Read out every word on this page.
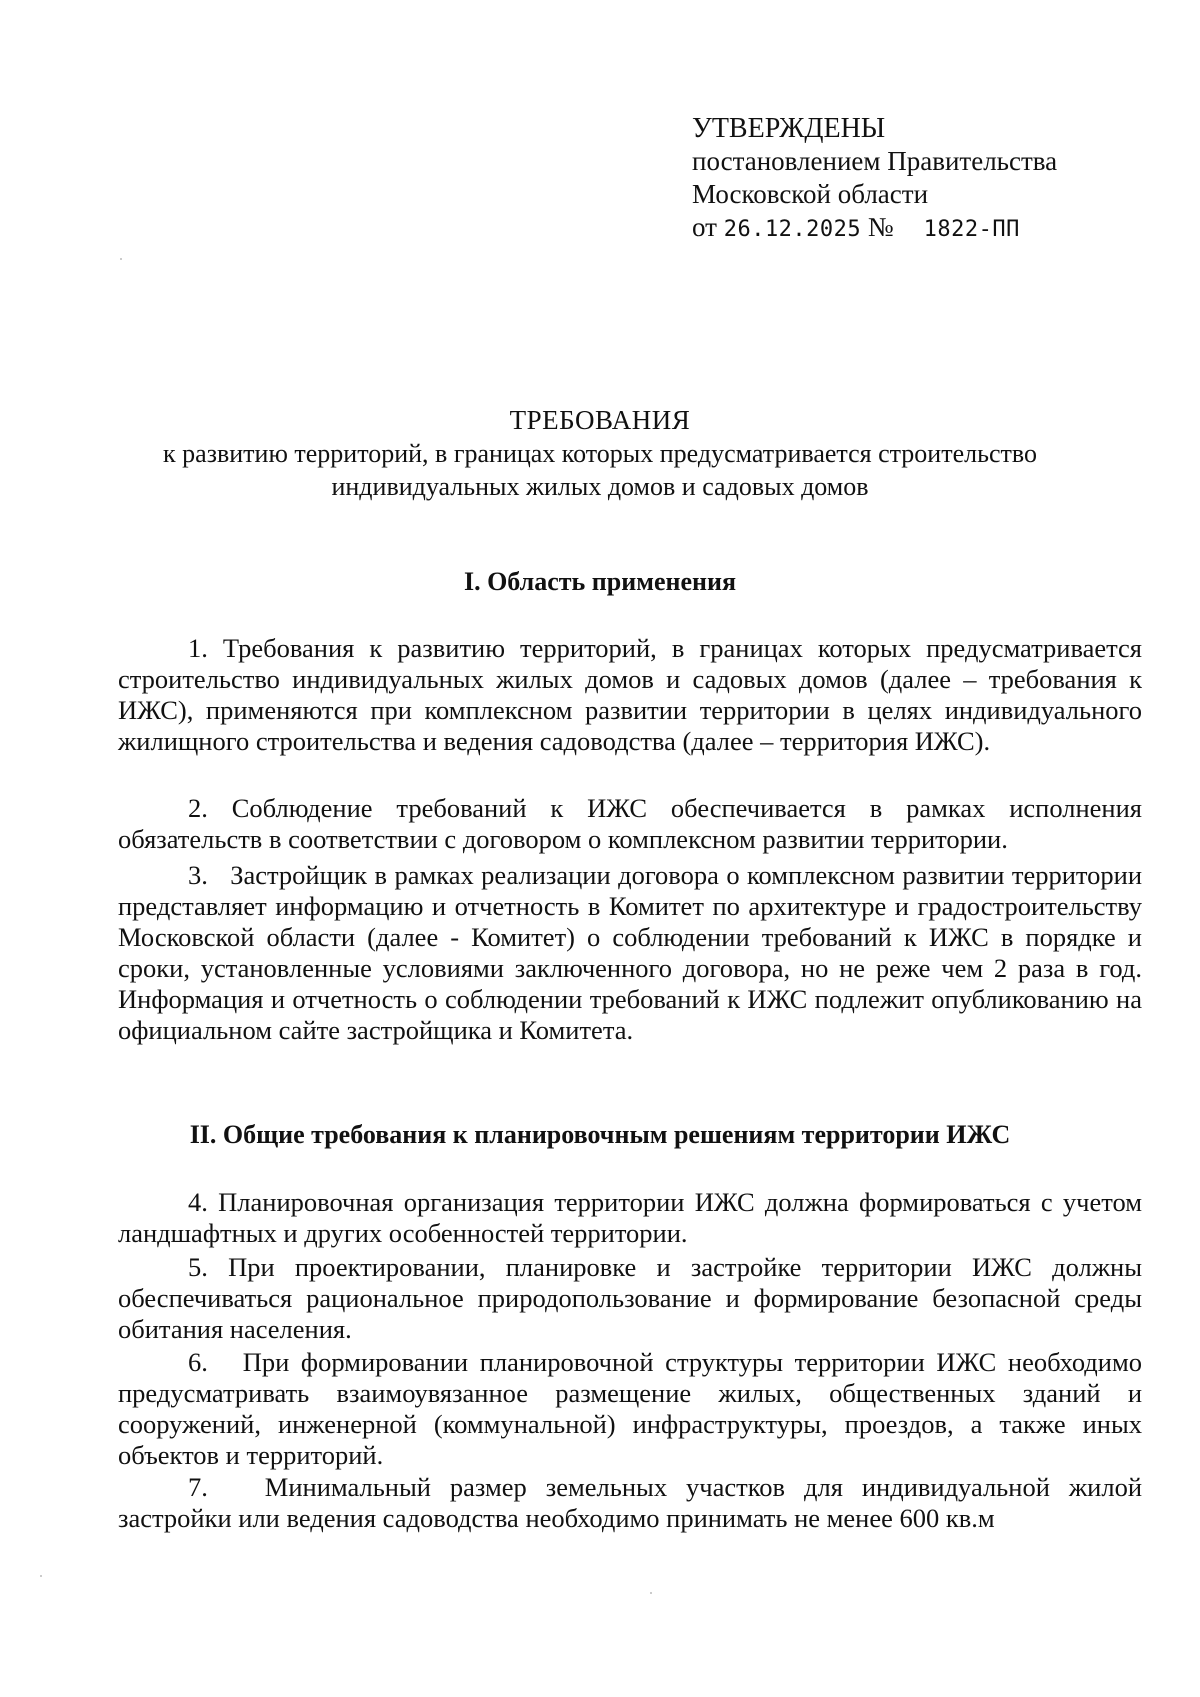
УТВЕРЖДЕНЫ
постановлением Правительства
Московской области
от 26.12.2025 № 1822-ПП
ТРЕБОВАНИЯ
к развитию территорий, в границах которых предусматривается строительство
индивидуальных жилых домов и садовых домов
I. Область применения
1. Требования к развитию территорий, в границах которых предусматривается строительство индивидуальных жилых домов и садовых домов (далее – требования к ИЖС), применяются при комплексном развитии территории в целях индивидуального жилищного строительства и ведения садоводства (далее – территория ИЖС).
2. Соблюдение требований к ИЖС обеспечивается в рамках исполнения обязательств в соответствии с договором о комплексном развитии территории.
3. Застройщик в рамках реализации договора о комплексном развитии территории представляет информацию и отчетность в Комитет по архитектуре и градостроительству Московской области (далее - Комитет) о соблюдении требований к ИЖС в порядке и сроки, установленные условиями заключенного договора, но не реже чем 2 раза в год. Информация и отчетность о соблюдении требований к ИЖС подлежит опубликованию на официальном сайте застройщика и Комитета.
II. Общие требования к планировочным решениям территории ИЖС
4. Планировочная организация территории ИЖС должна формироваться с учетом ландшафтных и других особенностей территории.
5. При проектировании, планировке и застройке территории ИЖС должны обеспечиваться рациональное природопользование и формирование безопасной среды обитания населения.
6. При формировании планировочной структуры территории ИЖС необходимо предусматривать взаимоувязанное размещение жилых, общественных зданий и сооружений, инженерной (коммунальной) инфраструктуры, проездов, а также иных объектов и территорий.
7. Минимальный размер земельных участков для индивидуальной жилой застройки или ведения садоводства необходимо принимать не менее 600 кв.м
